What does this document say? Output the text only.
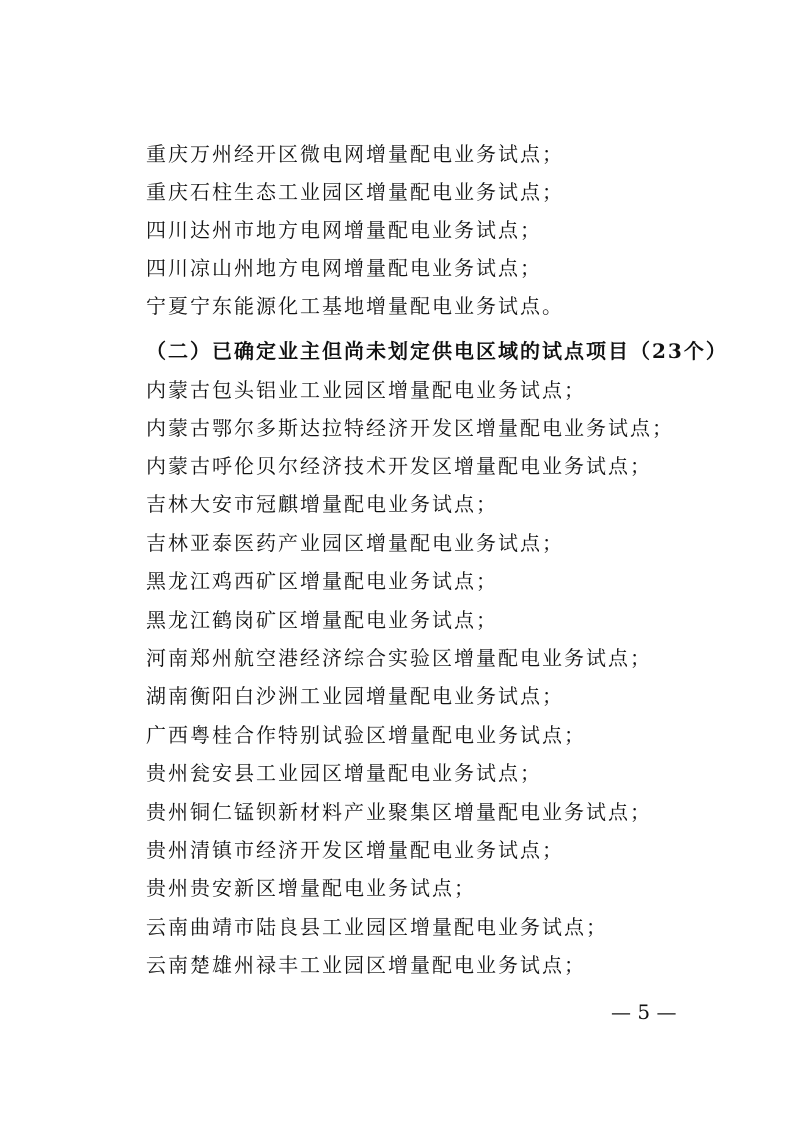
重庆万州经开区微电网增量配电业务试点；
重庆石柱生态工业园区增量配电业务试点；
四川达州市地方电网增量配电业务试点；
四川凉山州地方电网增量配电业务试点；
宁夏宁东能源化工基地增量配电业务试点。
（二）已确定业主但尚未划定供电区域的试点项目（23个）
内蒙古包头铝业工业园区增量配电业务试点；
内蒙古鄂尔多斯达拉特经济开发区增量配电业务试点；
内蒙古呼伦贝尔经济技术开发区增量配电业务试点；
吉林大安市冠麒增量配电业务试点；
吉林亚泰医药产业园区增量配电业务试点；
黑龙江鸡西矿区增量配电业务试点；
黑龙江鹤岗矿区增量配电业务试点；
河南郑州航空港经济综合实验区增量配电业务试点；
湖南衡阳白沙洲工业园增量配电业务试点；
广西粤桂合作特别试验区增量配电业务试点；
贵州瓮安县工业园区增量配电业务试点；
贵州铜仁锰钡新材料产业聚集区增量配电业务试点；
贵州清镇市经济开发区增量配电业务试点；
贵州贵安新区增量配电业务试点；
云南曲靖市陆良县工业园区增量配电业务试点；
云南楚雄州禄丰工业园区增量配电业务试点；
— 5 —
